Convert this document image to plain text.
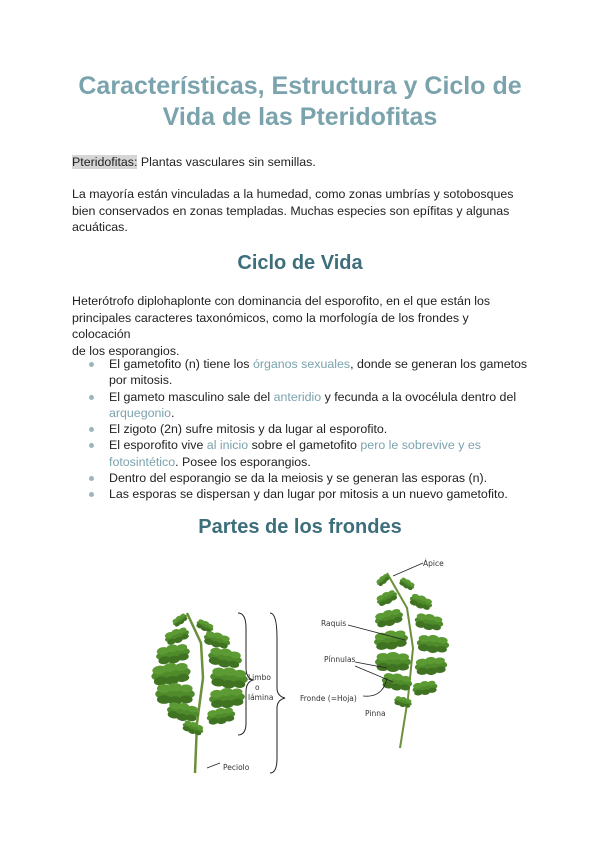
Características, Estructura y Ciclo de
Vida de las Pteridofitas
Pteridofitas: Plantas vasculares sin semillas.
La mayoría están vinculadas a la humedad, como zonas umbrías y sotobosques
bien conservados en zonas templadas. Muchas especies son epífitas y algunas
acuáticas.
Ciclo de Vida
Heterótrofo diplohaplonte con dominancia del esporofito, en el que están los
principales caracteres taxonómicos, como la morfología de los frondes y colocación
de los esporangios.
El gametofito (n) tiene los órganos sexuales, donde se generan los gametos
por mitosis.
El gameto masculino sale del anteridio y fecunda a la ovocélula dentro del
arquegonio.
El zigoto (2n) sufre mitosis y da lugar al esporofito.
El esporofito vive al inicio sobre el gametofito pero le sobrevive y es
fotosintético. Posee los esporangios.
Dentro del esporangio se da la meiosis y se generan las esporas (n).
Las esporas se dispersan y dan lugar por mitosis a un nuevo gametofito.
Partes de los frondes
Limbo
o
lámina	Fronde (=Hoja)
Peciolo
Ápice
Raquis
Pínnulas
Pinna
